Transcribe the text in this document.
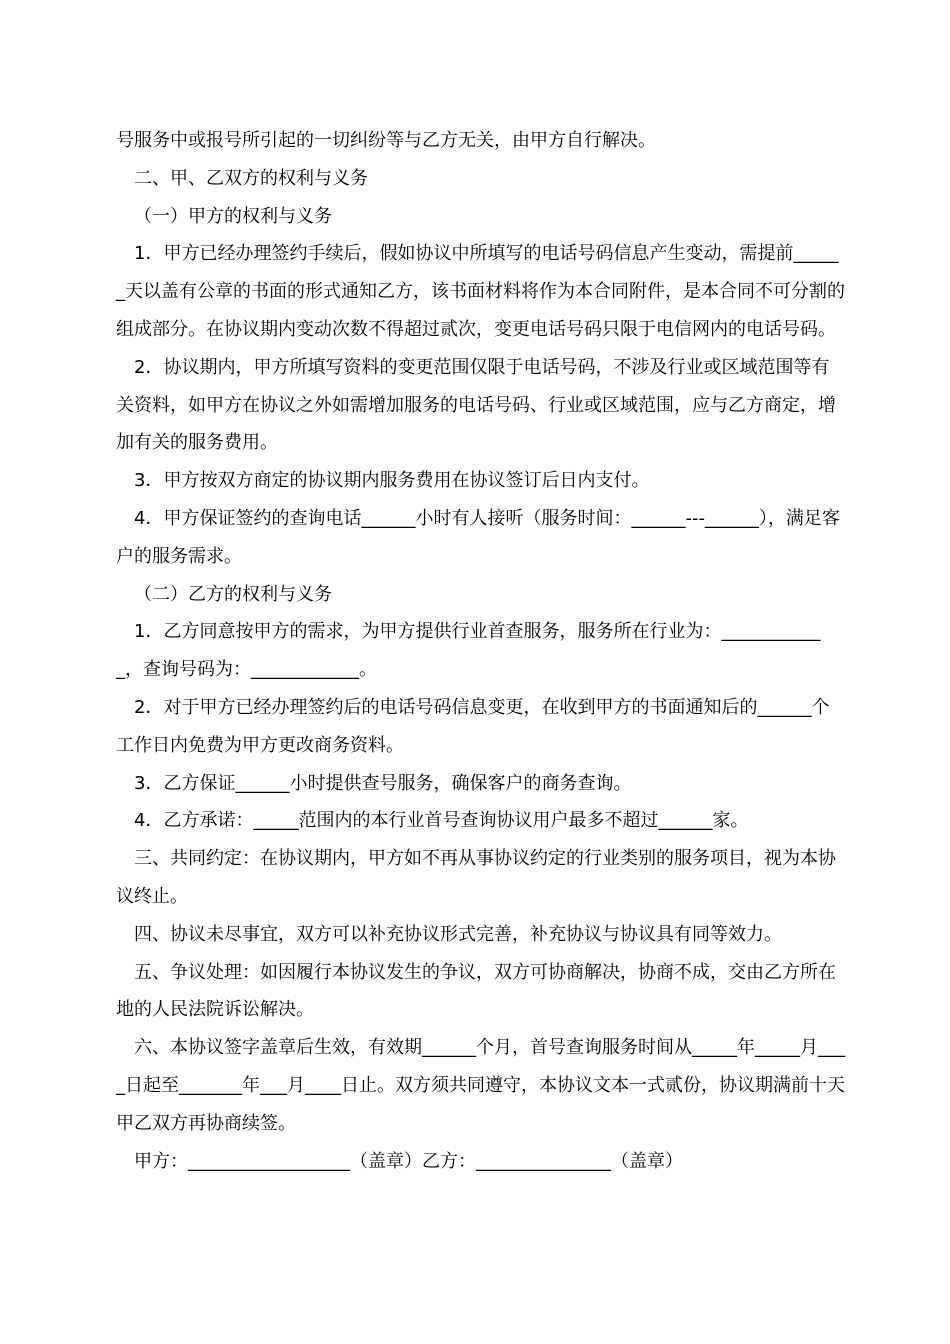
号服务中或报号所引起的一切纠纷等与乙方无关，由甲方自行解决。

二、甲、乙双方的权利与义务

（一）甲方的权利与义务

1．甲方已经办理签约手续后，假如协议中所填写的电话号码信息产生变动，需提前______天以盖有公章的书面的形式通知乙方，该书面材料将作为本合同附件，是本合同不可分割的组成部分。在协议期内变动次数不得超过贰次，变更电话号码只限于电信网内的电话号码。

2．协议期内，甲方所填写资料的变更范围仅限于电话号码，不涉及行业或区域范围等有关资料，如甲方在协议之外如需增加服务的电话号码、行业或区域范围，应与乙方商定，增加有关的服务费用。

3．甲方按双方商定的协议期内服务费用在协议签订后日内支付。

4．甲方保证签约的查询电话______小时有人接听（服务时间：______---______），满足客户的服务需求。

（二）乙方的权利与义务

1．乙方同意按甲方的需求，为甲方提供行业首查服务，服务所在行业为：____________，查询号码为：____________。

2．对于甲方已经办理签约后的电话号码信息变更，在收到甲方的书面通知后的______个工作日内免费为甲方更改商务资料。

3．乙方保证______小时提供查号服务，确保客户的商务查询。

4．乙方承诺：_____范围内的本行业首号查询协议用户最多不超过______家。

三、共同约定：在协议期内，甲方如不再从事协议约定的行业类别的服务项目，视为本协议终止。

四、协议未尽事宜，双方可以补充协议形式完善，补充协议与协议具有同等效力。

五、争议处理：如因履行本协议发生的争议，双方可协商解决，协商不成，交由乙方所在地的人民法院诉讼解决。

六、本协议签字盖章后生效，有效期______个月，首号查询服务时间从_____年_____月____日起至_______年___月____日止。双方须共同遵守，本协议文本一式贰份，协议期满前十天甲乙双方再协商续签。

甲方：__________________（盖章）乙方：_______________（盖章）
